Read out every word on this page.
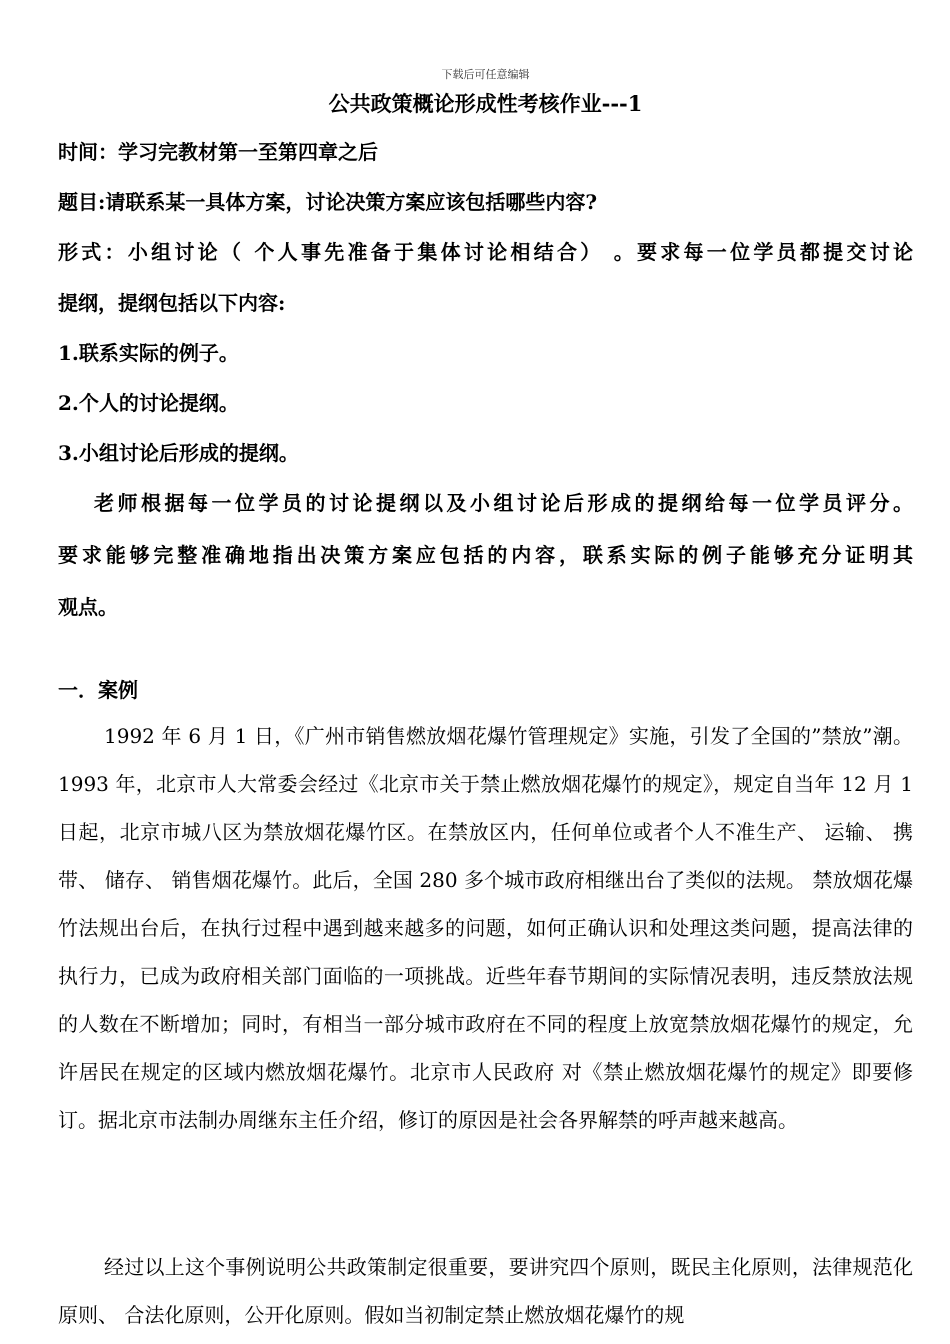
下载后可任意编辑
公共政策概论形成性考核作业---1
时间：学习完教材第一至第四章之后
题目:请联系某一具体方案，讨论决策方案应该包括哪些内容?
形式：小组讨论（ 个人事先准备于集体讨论相结合） 。要求每一位学员都提交讨论
提纲，提纲包括以下内容:
1.联系实际的例子。
2.个人的讨论提纲。
3.小组讨论后形成的提纲。
老师根据每一位学员的讨论提纲以及小组讨论后形成的提纲给每一位学员评分。
要求能够完整准确地指出决策方案应包括的内容，联系实际的例子能够充分证明其
观点。
一．案例

1992 年 6 月 1 日，《广州市销售燃放烟花爆竹管理规定》实施，引发了全国的”禁放”潮。1993 年，北京市人大常委会经过《北京市关于禁止燃放烟花爆竹的规定》，规定自当年 12 月 1 日起，北京市城八区为禁放烟花爆竹区。在禁放区内，任何单位或者个人不准生产、 运输、 携带、 储存、 销售烟花爆竹。此后，全国 280 多个城市政府相继出台了类似的法规。 禁放烟花爆竹法规出台后，在执行过程中遇到越来越多的问题，如何正确认识和处理这类问题，提高法律的执行力，已成为政府相关部门面临的一项挑战。近些年春节期间的实际情况表明，违反禁放法规的人数在不断增加；同时，有相当一部分城市政府在不同的程度上放宽禁放烟花爆竹的规定，允许居民在规定的区域内燃放烟花爆竹。北京市人民政府 对《禁止燃放烟花爆竹的规定》即要修订。据北京市法制办周继东主任介绍，修订的原因是社会各界解禁的呼声越来越高。

经过以上这个事例说明公共政策制定很重要，要讲究四个原则，既民主化原则，法律规范化原则、 合法化原则，公开化原则。假如当初制定禁止燃放烟花爆竹的规
